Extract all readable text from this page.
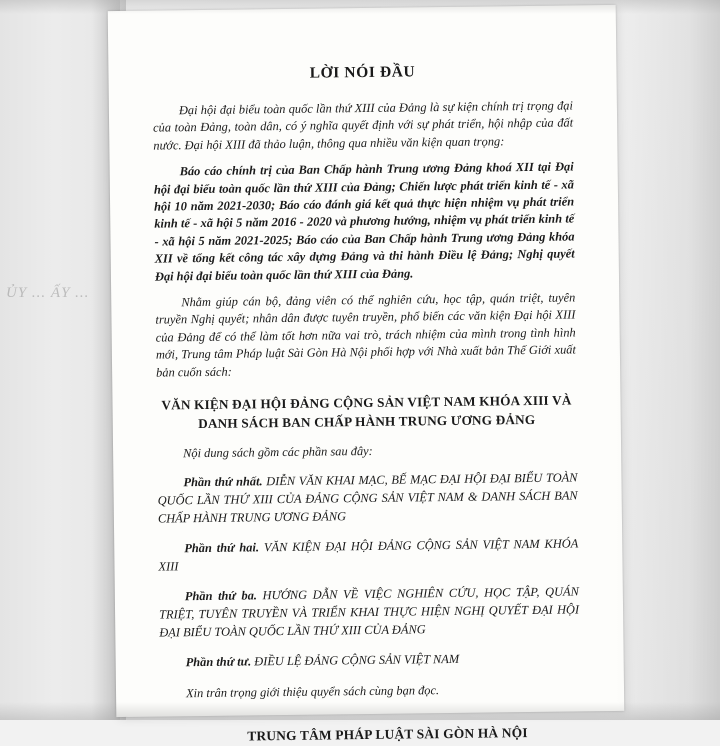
ỦY ... ẤY ...
LỜI NÓI ĐẦU

Đại hội đại biểu toàn quốc lần thứ XIII của Đảng là sự kiện chính trị trọng đại của toàn Đảng, toàn dân, có ý nghĩa quyết định với sự phát triển, hội nhập của đất nước. Đại hội XIII đã thảo luận, thông qua nhiều văn kiện quan trọng:

Báo cáo chính trị của Ban Chấp hành Trung ương Đảng khoá XII tại Đại hội đại biểu toàn quốc lần thứ XIII của Đảng; Chiến lược phát triển kinh tế - xã hội 10 năm 2021-2030; Báo cáo đánh giá kết quả thực hiện nhiệm vụ phát triển kinh tế - xã hội 5 năm 2016 - 2020 và phương hướng, nhiệm vụ phát triển kinh tế - xã hội 5 năm 2021-2025; Báo cáo của Ban Chấp hành Trung ương Đảng khóa XII về tổng kết công tác xây dựng Đảng và thi hành Điều lệ Đảng; Nghị quyết Đại hội đại biểu toàn quốc lần thứ XIII của Đảng.

Nhằm giúp cán bộ, đảng viên có thể nghiên cứu, học tập, quán triệt, tuyên truyền Nghị quyết; nhân dân được tuyên truyền, phổ biến các văn kiện Đại hội XIII của Đảng để có thể làm tốt hơn nữa vai trò, trách nhiệm của mình trong tình hình mới, Trung tâm Pháp luật Sài Gòn Hà Nội phối hợp với Nhà xuất bản Thế Giới xuất bản cuốn sách:

VĂN KIỆN ĐẠI HỘI ĐẢNG CỘNG SẢN VIỆT NAM KHÓA XIII VÀ DANH SÁCH BAN CHẤP HÀNH TRUNG ƯƠNG ĐẢNG

Nội dung sách gồm các phần sau đây:

Phần thứ nhất. DIỄN VĂN KHAI MẠC, BẾ MẠC ĐẠI HỘI ĐẠI BIỂU TOÀN QUỐC LẦN THỨ XIII CỦA ĐẢNG CỘNG SẢN VIỆT NAM & DANH SÁCH BAN CHẤP HÀNH TRUNG ƯƠNG ĐẢNG

Phần thứ hai. VĂN KIỆN ĐẠI HỘI ĐẢNG CỘNG SẢN VIỆT NAM KHÓA XIII

Phần thứ ba. HƯỚNG DẪN VỀ VIỆC NGHIÊN CỨU, HỌC TẬP, QUÁN TRIỆT, TUYÊN TRUYỀN VÀ TRIỂN KHAI THỰC HIỆN NGHỊ QUYẾT ĐẠI HỘI ĐẠI BIỂU TOÀN QUỐC LẦN THỨ XIII CỦA ĐẢNG

Phần thứ tư. ĐIỀU LỆ ĐẢNG CỘNG SẢN VIỆT NAM

Xin trân trọng giới thiệu quyển sách cùng bạn đọc.

TRUNG TÂM PHÁP LUẬT SÀI GÒN HÀ NỘI
